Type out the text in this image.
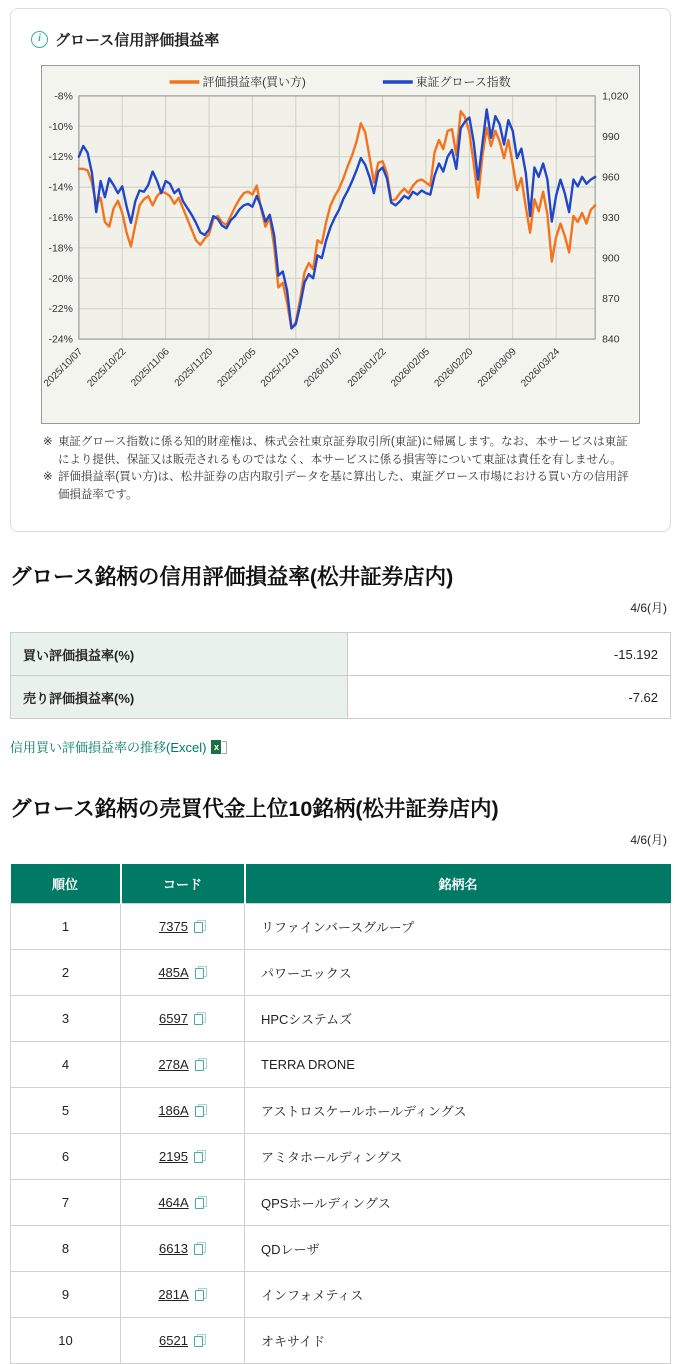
i グロース信用評価損益率
2025/10/07 2025/10/22 2025/11/06 2025/11/20 2025/12/05 2025/12/19 2026/01/07 2026/01/22 2026/02/05 2026/02/20 2026/03/09 2026/03/24
-8%
-10%
-12%
-14%
-16%
-18%
-20%
-22%
-24%
1,020
990
960
930
900
870
840
評価損益率(買い方)	東証グロース指数
※ 東証グロース指数に係る知的財産権は、株式会社東京証券取引所(東証)に帰属します。なお、本サービスは東証により提供、保証又は販売されるものではなく、本サービスに係る損害等について東証は責任を有しません。
※ 評価損益率(買い方)は、松井証券の店内取引データを基に算出した、東証グロース市場における買い方の信用評価損益率です。
グロース銘柄の信用評価損益率(松井証券店内)
4/6(月)
買い評価損益率(%)	-15.192
売り評価損益率(%)	-7.62
信用買い評価損益率の推移(Excel) x
グロース銘柄の売買代金上位10銘柄(松井証券店内)
4/6(月)
順位	コード	銘柄名
1	7375	リファインバースグループ
2	485A	パワーエックス
3	6597	HPCシステムズ
4	278A	TERRA DRONE
5	186A	アストロスケールホールディングス
6	2195	アミタホールディングス
7	464A	QPSホールディングス
8	6613	QDレーザ
9	281A	インフォメティス
10	6521	オキサイド
